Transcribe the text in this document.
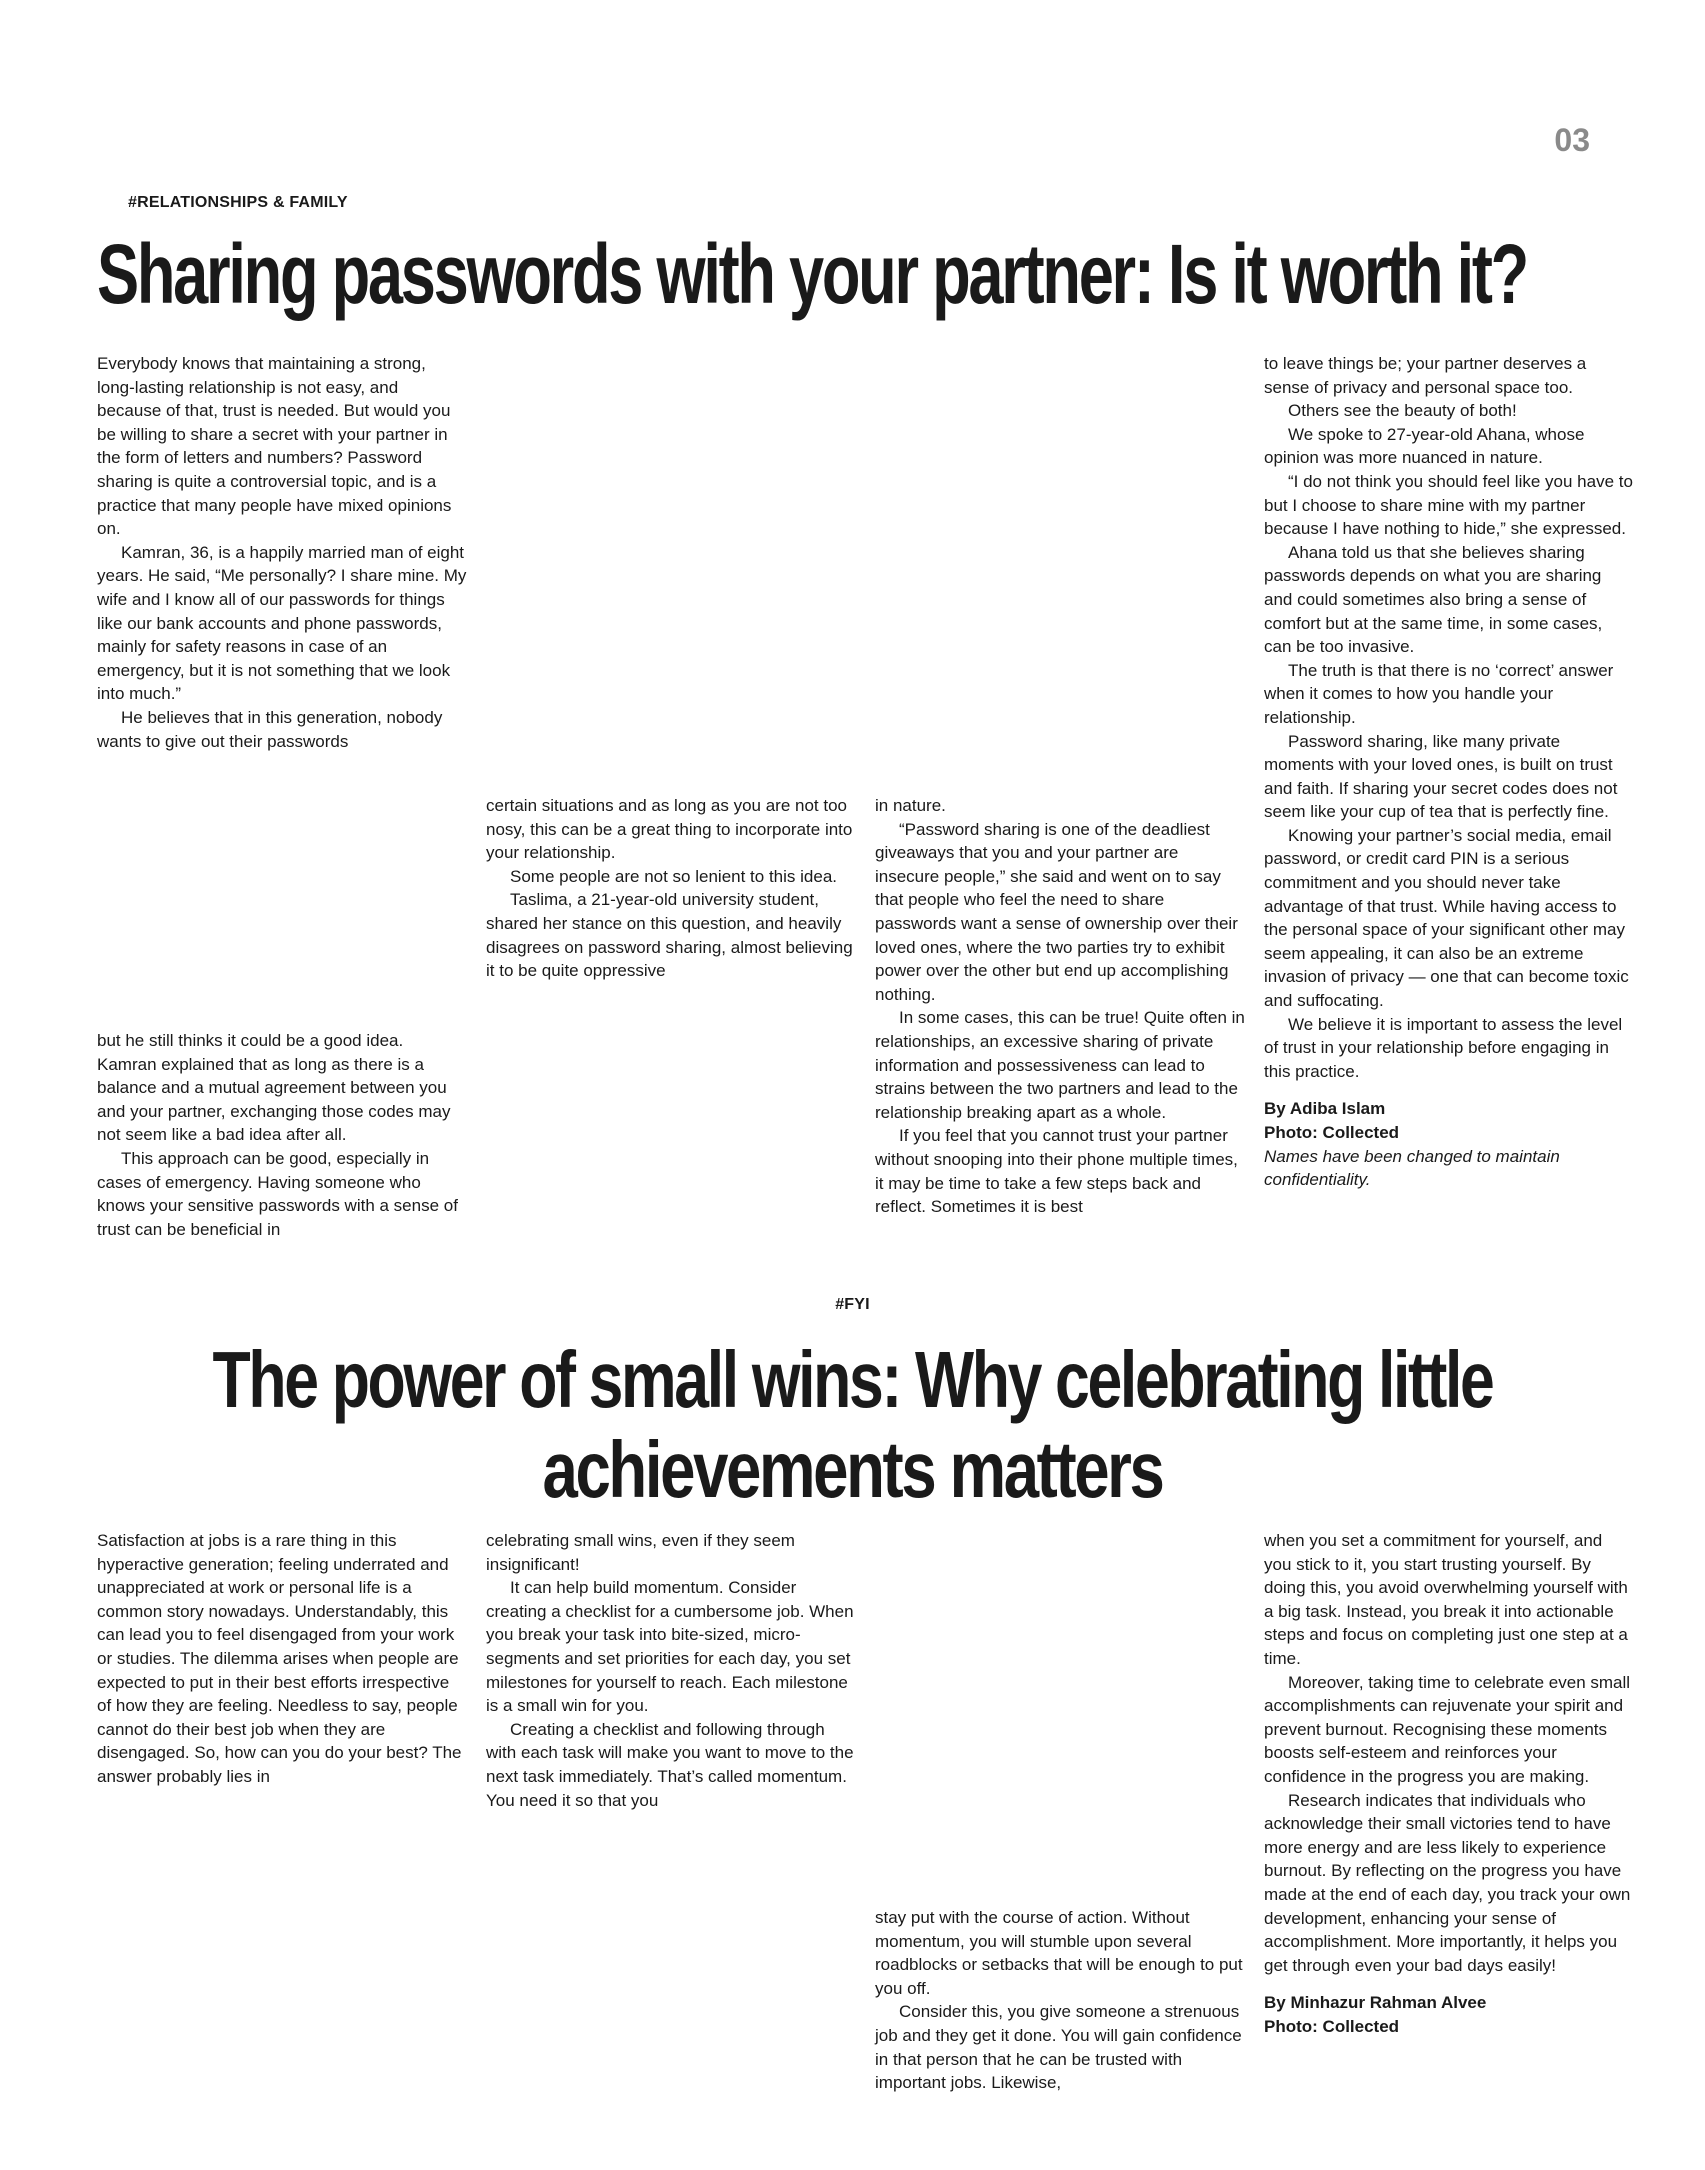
03
#RELATIONSHIPS & FAMILY
Sharing passwords with your partner: Is it worth it?

Everybody knows that maintaining a strong, long-lasting relationship is not easy, and because of that, trust is needed. But would you be willing to share a secret with your partner in the form of letters and numbers? Password sharing is quite a controversial topic, and is a practice that many people have mixed opinions on.

Kamran, 36, is a happily married man of eight years. He said, “Me personally? I share mine. My wife and I know all of our passwords for things like our bank accounts and phone passwords, mainly for safety reasons in case of an emergency, but it is not something that we look into much.”

He believes that in this generation, nobody wants to give out their passwords

but he still thinks it could be a good idea. Kamran explained that as long as there is a balance and a mutual agreement between you and your partner, exchanging those codes may not seem like a bad idea after all.

This approach can be good, especially in cases of emergency. Having someone who knows your sensitive passwords with a sense of trust can be beneficial in

certain situations and as long as you are not too nosy, this can be a great thing to incorporate into your relationship.

Some people are not so lenient to this idea.

Taslima, a 21-year-old university student, shared her stance on this question, and heavily disagrees on password sharing, almost believing it to be quite oppressive

in nature.

“Password sharing is one of the deadliest giveaways that you and your partner are insecure people,” she said and went on to say that people who feel the need to share passwords want a sense of ownership over their loved ones, where the two parties try to exhibit power over the other but end up accomplishing nothing.

In some cases, this can be true! Quite often in relationships, an excessive sharing of private information and possessiveness can lead to strains between the two partners and lead to the relationship breaking apart as a whole.

If you feel that you cannot trust your partner without snooping into their phone multiple times, it may be time to take a few steps back and reflect. Sometimes it is best

to leave things be; your partner deserves a sense of privacy and personal space too.

Others see the beauty of both!

We spoke to 27-year-old Ahana, whose opinion was more nuanced in nature.

“I do not think you should feel like you have to but I choose to share mine with my partner because I have nothing to hide,” she expressed.

Ahana told us that she believes sharing passwords depends on what you are sharing and could sometimes also bring a sense of comfort but at the same time, in some cases, can be too invasive.

The truth is that there is no ‘correct’ answer when it comes to how you handle your relationship.

Password sharing, like many private moments with your loved ones, is built on trust and faith. If sharing your secret codes does not seem like your cup of tea that is perfectly fine.

Knowing your partner’s social media, email password, or credit card PIN is a serious commitment and you should never take advantage of that trust. While having access to the personal space of your significant other may seem appealing, it can also be an extreme invasion of privacy — one that can become toxic and suffocating.

We believe it is important to assess the level of trust in your relationship before engaging in this practice.

By Adiba Islam
Photo: Collected
Names have been changed to maintain confidentiality.
#FYI
The power of small wins: Why celebrating little
achievements matters

Satisfaction at jobs is a rare thing in this hyperactive generation; feeling underrated and unappreciated at work or personal life is a common story nowadays. Understandably, this can lead you to feel disengaged from your work or studies. The dilemma arises when people are expected to put in their best efforts irrespective of how they are feeling. Needless to say, people cannot do their best job when they are disengaged. So, how can you do your best? The answer probably lies in

celebrating small wins, even if they seem insignificant!

It can help build momentum. Consider creating a checklist for a cumbersome job. When you break your task into bite-sized, micro-segments and set priorities for each day, you set milestones for yourself to reach. Each milestone is a small win for you.

Creating a checklist and following through with each task will make you want to move to the next task immediately. That’s called momentum. You need it so that you

stay put with the course of action. Without momentum, you will stumble upon several roadblocks or setbacks that will be enough to put you off.

Consider this, you give someone a strenuous job and they get it done. You will gain confidence in that person that he can be trusted with important jobs. Likewise,

when you set a commitment for yourself, and you stick to it, you start trusting yourself. By doing this, you avoid overwhelming yourself with a big task. Instead, you break it into actionable steps and focus on completing just one step at a time.

Moreover, taking time to celebrate even small accomplishments can rejuvenate your spirit and prevent burnout. Recognising these moments boosts self-esteem and reinforces your confidence in the progress you are making.

Research indicates that individuals who acknowledge their small victories tend to have more energy and are less likely to experience burnout. By reflecting on the progress you have made at the end of each day, you track your own development, enhancing your sense of accomplishment. More importantly, it helps you get through even your bad days easily!

By Minhazur Rahman Alvee
Photo: Collected
